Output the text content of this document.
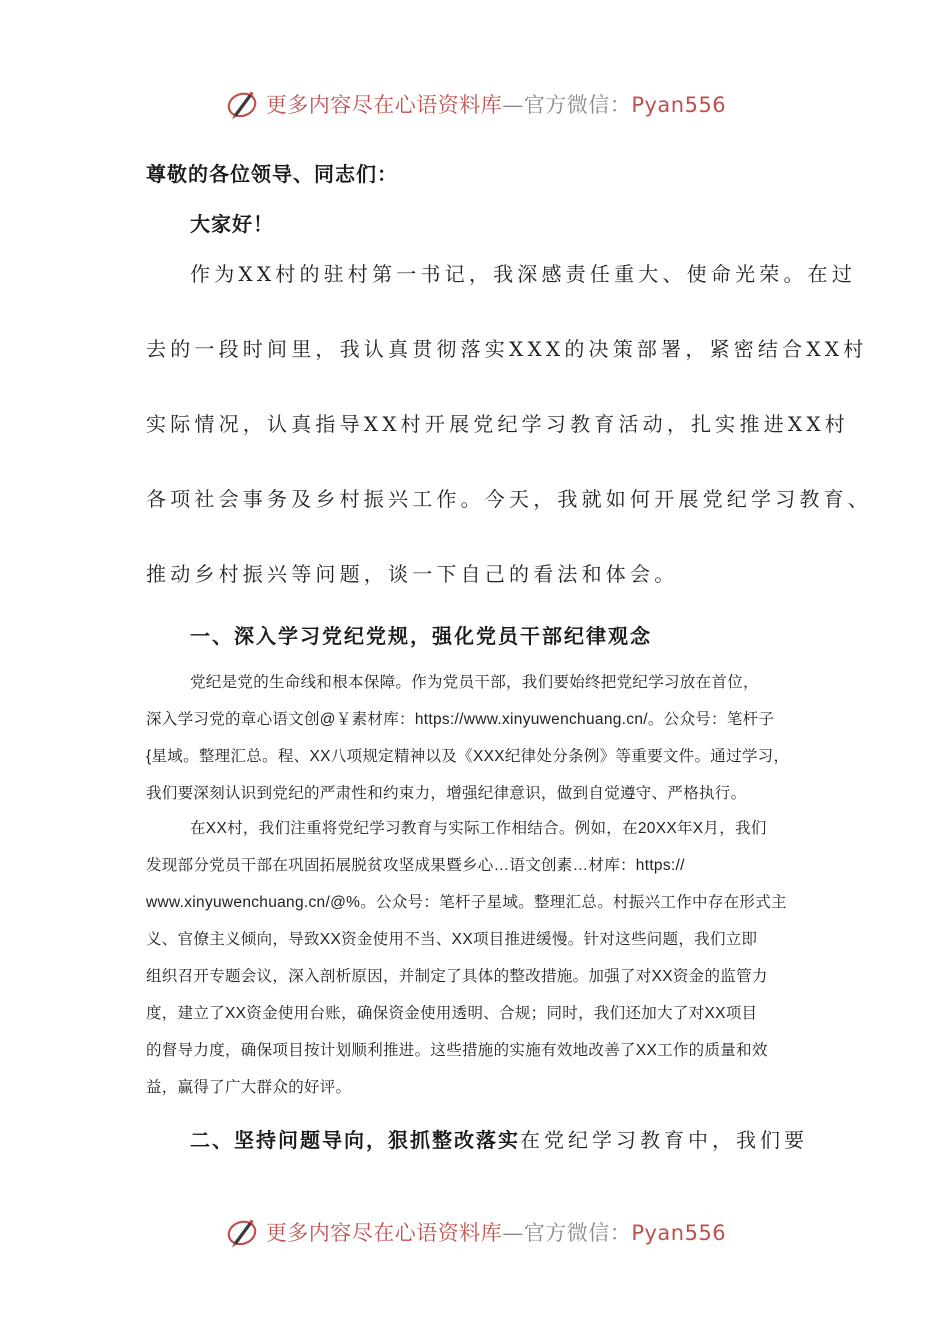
更多内容尽在心语资料库—官方微信：Pyan556
尊敬的各位领导、同志们：
大家好！
作为XX村的驻村第一书记，我深感责任重大、使命光荣。在过
去的一段时间里，我认真贯彻落实XXX的决策部署，紧密结合XX村
实际情况，认真指导XX村开展党纪学习教育活动，扎实推进XX村
各项社会事务及乡村振兴工作。今天，我就如何开展党纪学习教育、
推动乡村振兴等问题，谈一下自己的看法和体会。
一、深入学习党纪党规，强化党员干部纪律观念
党纪是党的生命线和根本保障。作为党员干部，我们要始终把党纪学习放在首位，
深入学习党的章心语文创@￥素材库：https://www.xinyuwenchuang.cn/。公众号：笔杆子
{星域。整理汇总。程、XX八项规定精神以及《XXX纪律处分条例》等重要文件。通过学习，
我们要深刻认识到党纪的严肃性和约束力，增强纪律意识，做到自觉遵守、严格执行。
在XX村，我们注重将党纪学习教育与实际工作相结合。例如，在20XX年X月，我们
发现部分党员干部在巩固拓展脱贫攻坚成果暨乡心…语文创素…材库：https://
www.xinyuwenchuang.cn/@%。公众号：笔杆子星域。整理汇总。村振兴工作中存在形式主
义、官僚主义倾向，导致XX资金使用不当、XX项目推进缓慢。针对这些问题，我们立即
组织召开专题会议，深入剖析原因，并制定了具体的整改措施。加强了对XX资金的监管力
度，建立了XX资金使用台账，确保资金使用透明、合规；同时，我们还加大了对XX项目
的督导力度，确保项目按计划顺利推进。这些措施的实施有效地改善了XX工作的质量和效
益，赢得了广大群众的好评。
二、坚持问题导向，狠抓整改落实在党纪学习教育中，我们要
更多内容尽在心语资料库—官方微信：Pyan556
